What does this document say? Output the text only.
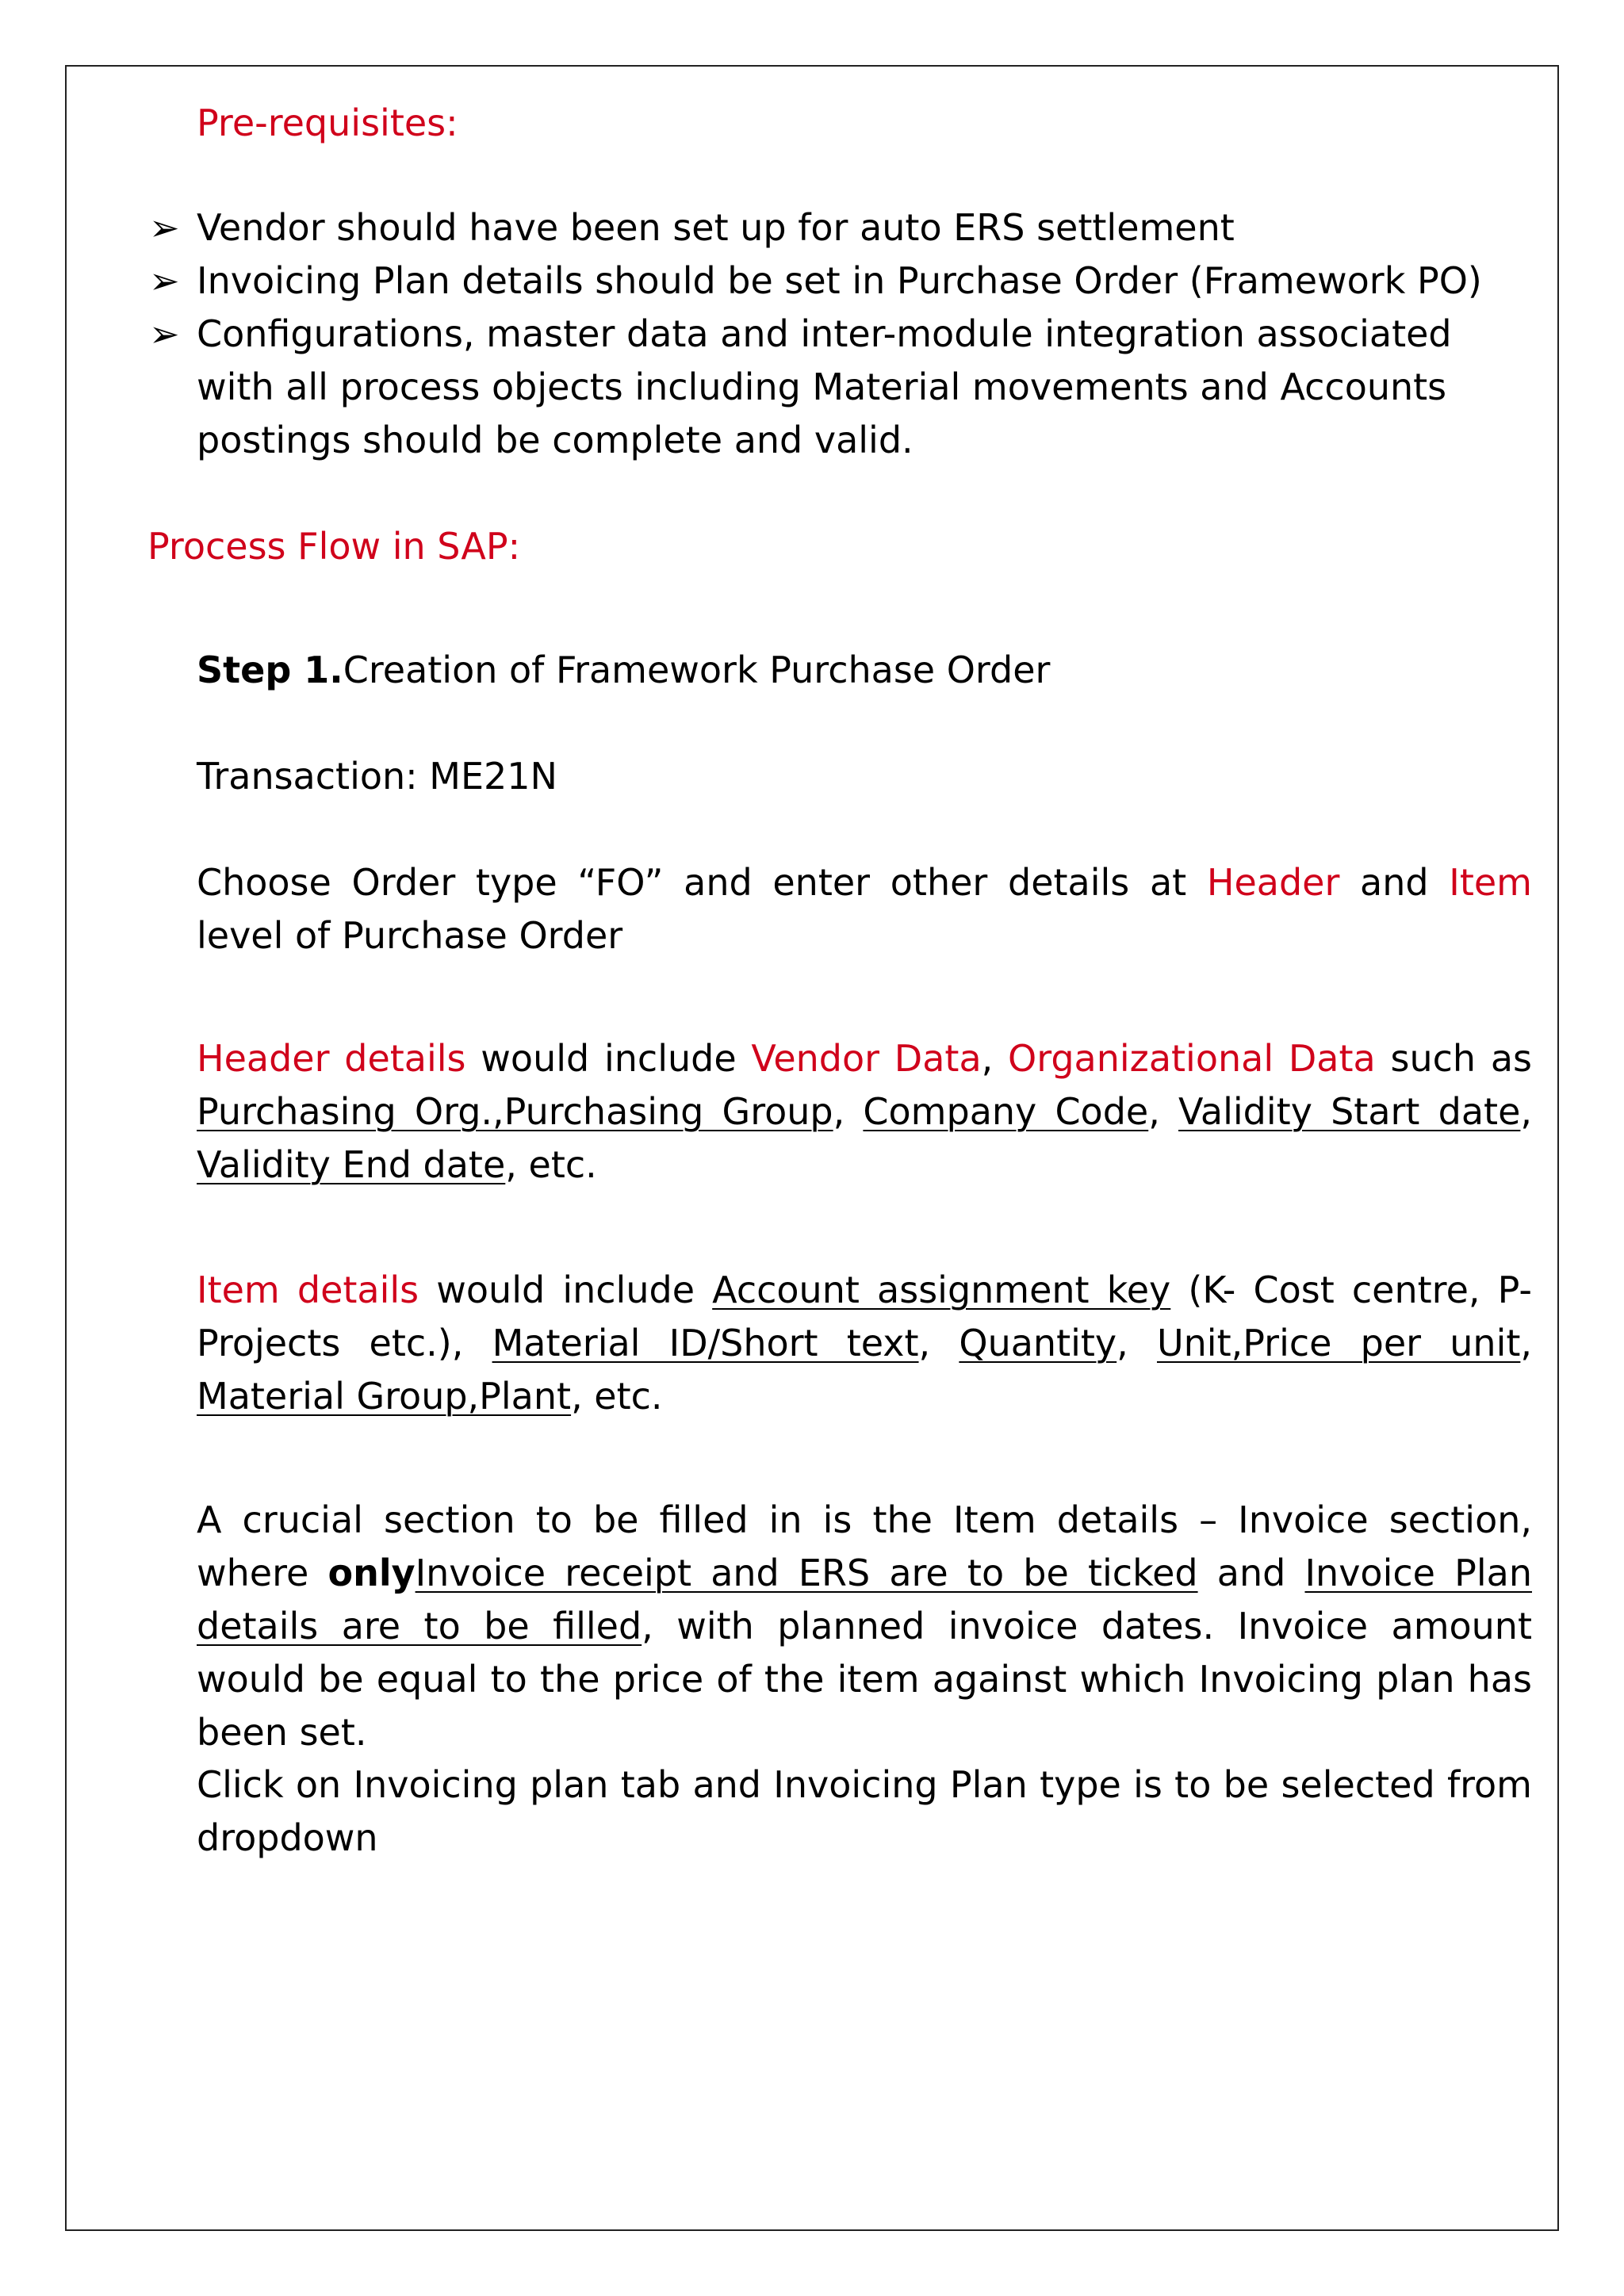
Pre-requisites:

➢ Vendor should have been set up for auto ERS settlement
➢ Invoicing Plan details should be set in Purchase Order (Framework PO)
➢ Configurations, master data and inter-module integration associated with all process objects including Material movements and Accounts postings should be complete and valid.

Process Flow in SAP:

Step 1.Creation of Framework Purchase Order

Transaction: ME21N

Choose Order type “FO” and enter other details at Header and Item level of Purchase Order

Header details would include Vendor Data, Organizational Data such as Purchasing Org.,Purchasing Group, Company Code, Validity Start date, Validity End date, etc.

Item details would include Account assignment key (K- Cost centre, P-Projects etc.), Material ID/Short text, Quantity, Unit,Price per unit, Material Group,Plant, etc.

A crucial section to be filled in is the Item details – Invoice section, where onlyInvoice receipt and ERS are to be ticked and Invoice Plan details are to be filled, with planned invoice dates. Invoice amount would be equal to the price of the item against which Invoicing plan has been set.

Click on Invoicing plan tab and Invoicing Plan type is to be selected from dropdown
